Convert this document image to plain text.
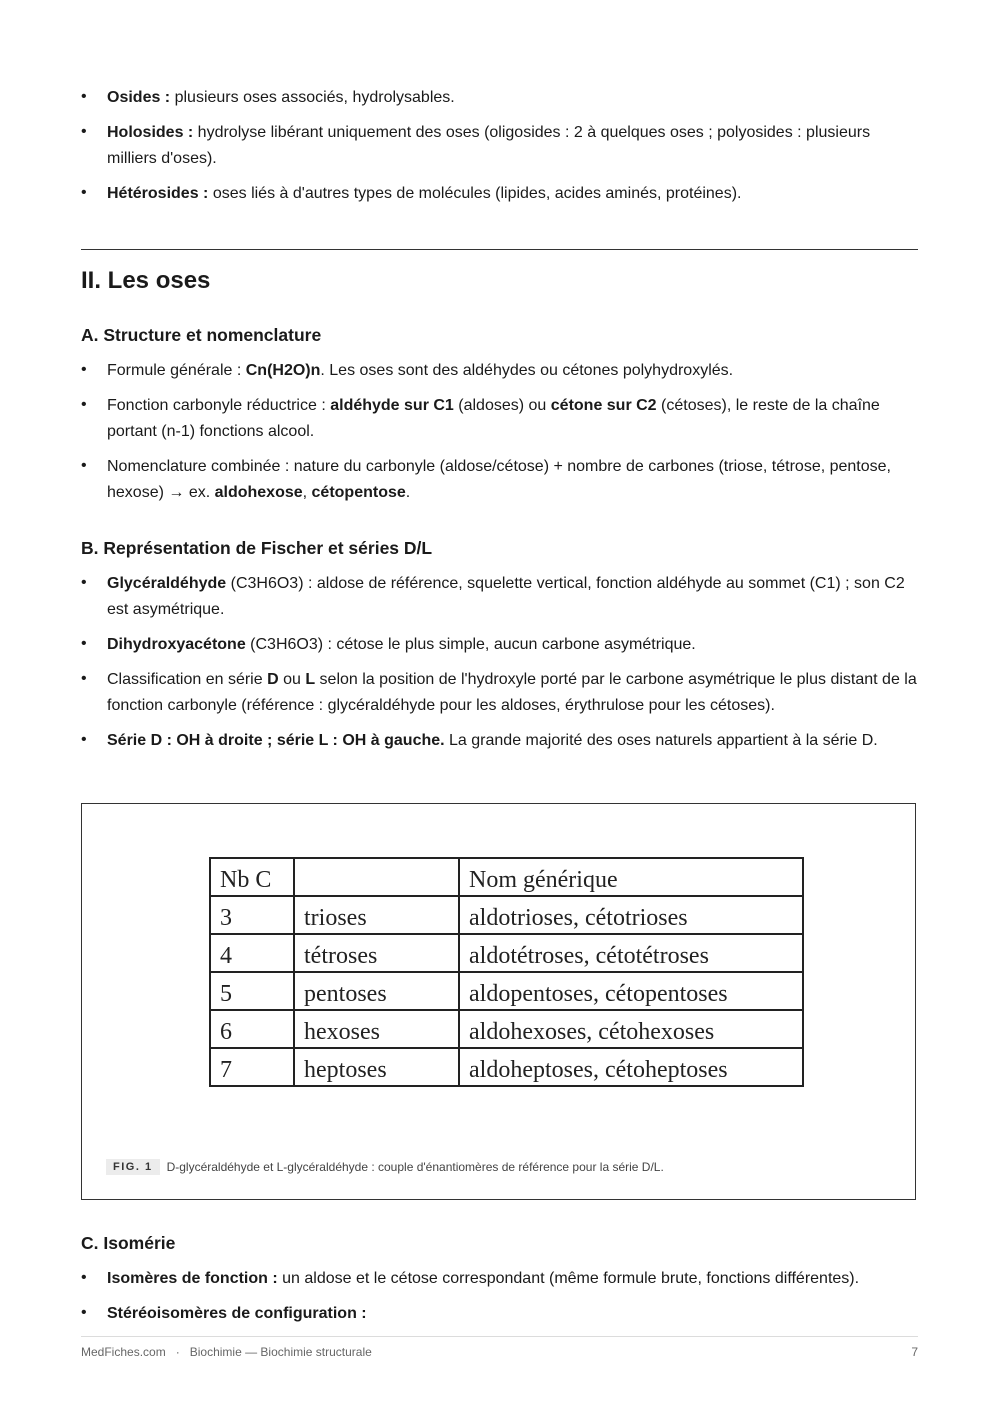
• Osides : plusieurs oses associés, hydrolysables.
• Holosides : hydrolyse libérant uniquement des oses (oligosides : 2 à quelques oses ; polyosides : plusieurs milliers d'oses).
• Hétérosides : oses liés à d'autres types de molécules (lipides, acides aminés, protéines).
II. Les oses
A. Structure et nomenclature
• Formule générale : Cn(H2O)n. Les oses sont des aldéhydes ou cétones polyhydroxylés.
• Fonction carbonyle réductrice : aldéhyde sur C1 (aldoses) ou cétone sur C2 (cétoses), le reste de la chaîne portant (n-1) fonctions alcool.
• Nomenclature combinée : nature du carbonyle (aldose/cétose) + nombre de carbones (triose, tétrose, pentose, hexose) → ex. aldohexose, cétopentose.
B. Représentation de Fischer et séries D/L
• Glycéraldéhyde (C3H6O3) : aldose de référence, squelette vertical, fonction aldéhyde au sommet (C1) ; son C2 est asymétrique.
• Dihydroxyacétone (C3H6O3) : cétose le plus simple, aucun carbone asymétrique.
• Classification en série D ou L selon la position de l'hydroxyle porté par le carbone asymétrique le plus distant de la fonction carbonyle (référence : glycéraldéhyde pour les aldoses, érythrulose pour les cétoses).
• Série D : OH à droite ; série L : OH à gauche. La grande majorité des oses naturels appartient à la série D.
Nb C		Nom générique
3	trioses	aldotrioses, cétotrioses
4	tétroses	aldotétroses, cétotétroses
5	pentoses	aldopentoses, cétopentoses
6	hexoses	aldohexoses, cétohexoses
7	heptoses	aldoheptoses, cétoheptoses
FIG. 1	D-glycéraldéhyde et L-glycéraldéhyde : couple d'énantiomères de référence pour la série D/L.
C. Isomérie
• Isomères de fonction : un aldose et le cétose correspondant (même formule brute, fonctions différentes).
• Stéréoisomères de configuration :
MedFiches.com · Biochimie — Biochimie structurale	7
